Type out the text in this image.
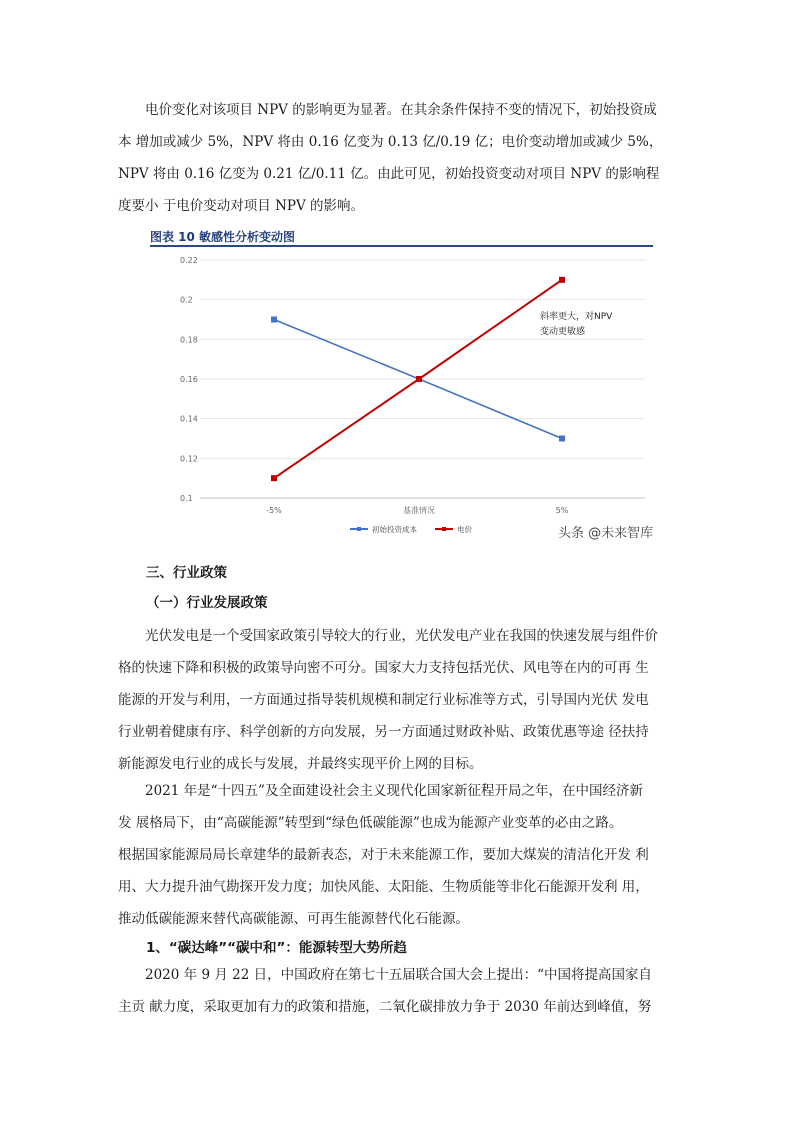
电价变化对该项目 NPV 的影响更为显著。在其余条件保持不变的情况下，初始投资成
本 增加或减少 5%，NPV 将由 0.16 亿变为 0.13 亿/0.19 亿；电价变动增加或减少 5%，
NPV 将由 0.16 亿变为 0.21 亿/0.11 亿。由此可见，初始投资变动对项目 NPV 的影响程
度要小 于电价变动对项目 NPV 的影响。
图表 10 敏感性分析变动图
0.22
0.2
0.18
0.16
0.14
0.12
0.1
-5%	基准情况	5%
斜率更大，对NPV
变动更敏感
初始投资成本	电价	头条 @未来智库
三、行业政策
（一）行业发展政策
光伏发电是一个受国家政策引导较大的行业，光伏发电产业在我国的快速发展与组件价
格的快速下降和积极的政策导向密不可分。国家大力支持包括光伏、风电等在内的可再 生
能源的开发与利用，一方面通过指导装机规模和制定行业标准等方式，引导国内光伏 发电
行业朝着健康有序、科学创新的方向发展，另一方面通过财政补贴、政策优惠等途 径扶持
新能源发电行业的成长与发展，并最终实现平价上网的目标。
2021 年是“十四五”及全面建设社会主义现代化国家新征程开局之年，在中国经济新
发 展格局下，由“高碳能源”转型到“绿色低碳能源”也成为能源产业变革的必由之路。
根据国家能源局局长章建华的最新表态，对于未来能源工作，要加大煤炭的清洁化开发 利
用、大力提升油气勘探开发力度；加快风能、太阳能、生物质能等非化石能源开发利 用，
推动低碳能源来替代高碳能源、可再生能源替代化石能源。
1、“碳达峰”“碳中和”：能源转型大势所趋
2020 年 9 月 22 日，中国政府在第七十五届联合国大会上提出：“中国将提高国家自
主贡 献力度，采取更加有力的政策和措施，二氧化碳排放力争于 2030 年前达到峰值，努
